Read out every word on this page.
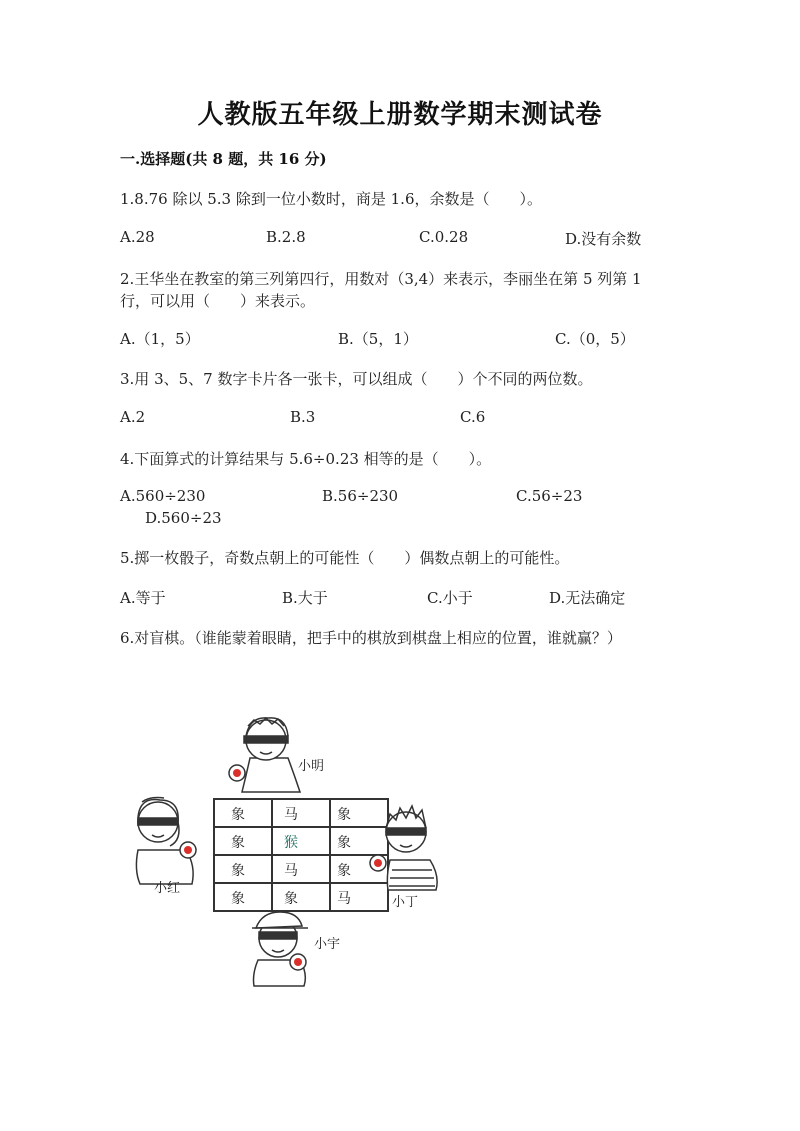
人教版五年级上册数学期末测试卷
一.选择题(共 8 题，共 16 分)
1.8.76 除以 5.3 除到一位小数时，商是 1.6，余数是（　　）。
A.28	B.2.8	C.0.28	D.没有余数
2.王华坐在教室的第三列第四行，用数对（3,4）来表示，李丽坐在第 5 列第 1
行，可以用（　　）来表示。
A.（1，5）	B.（5，1）	C.（0，5）
3.用 3、5、7 数字卡片各一张卡，可以组成（　　）个不同的两位数。
A.2	B.3	C.6
4.下面算式的计算结果与 5.6÷0.23 相等的是（　　）。
A.560÷230	B.56÷230	C.56÷23
D.560÷23
5.掷一枚骰子，奇数点朝上的可能性（　　）偶数点朝上的可能性。
A.等于	B.大于	C.小于	D.无法确定
6.对盲棋。（谁能蒙着眼睛，把手中的棋放到棋盘上相应的位置，谁就赢？）
象	马	象
象	猴	象
象	马	象
象	象	马
小明
小红
小丁
小宇
